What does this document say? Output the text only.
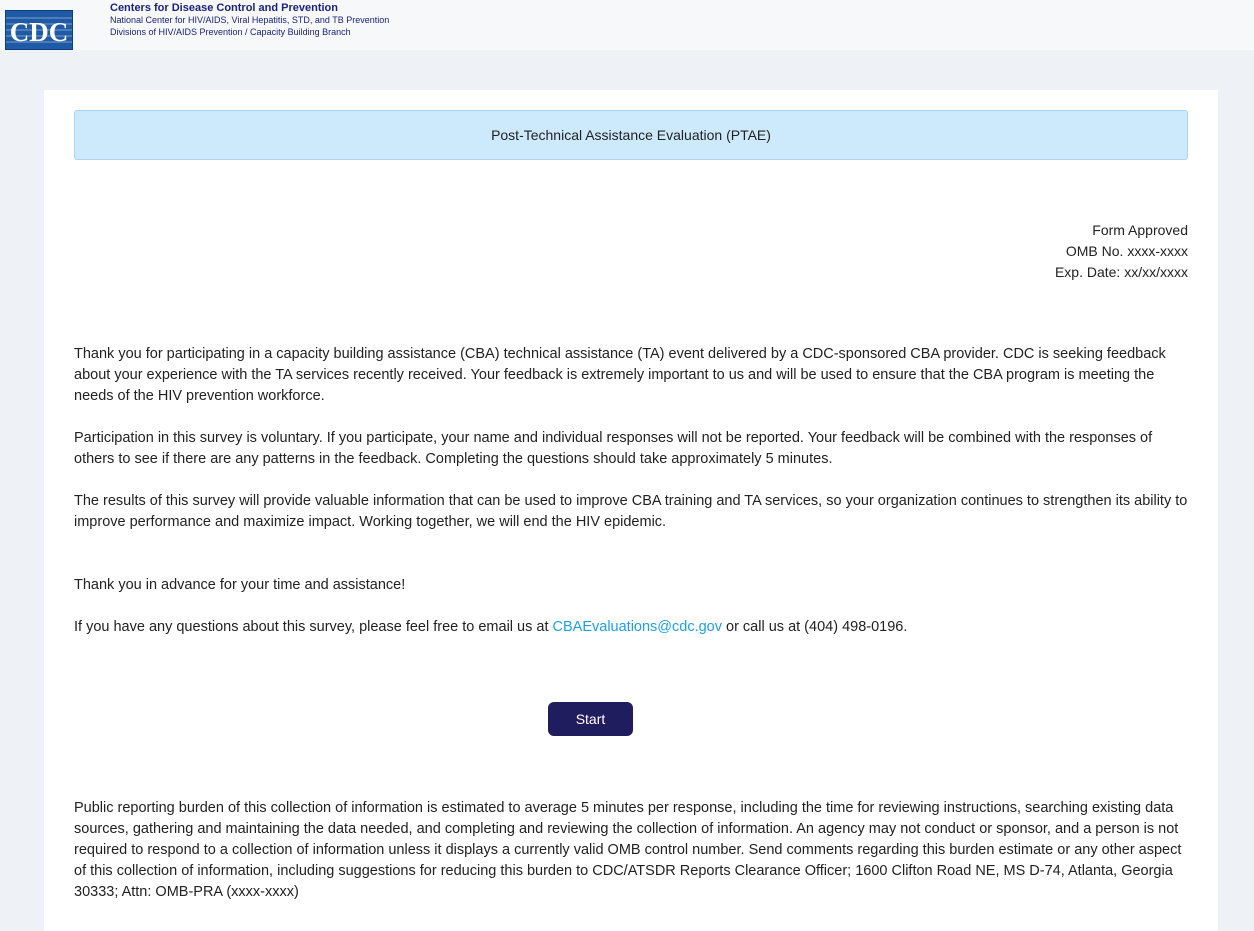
CDC
Centers for Disease Control and Prevention
National Center for HIV/AIDS, Viral Hepatitis, STD, and TB Prevention
Divisions of HIV/AIDS Prevention / Capacity Building Branch
Post-Technical Assistance Evaluation (PTAE)
Form Approved
OMB No. xxxx-xxxx
Exp. Date: xx/xx/xxxx

Thank you for participating in a capacity building assistance (CBA) technical assistance (TA) event delivered by a CDC-sponsored CBA provider. CDC is seeking feedback about your experience with the TA services recently received. Your feedback is extremely important to us and will be used to ensure that the CBA program is meeting the needs of the HIV prevention workforce.

Participation in this survey is voluntary. If you participate, your name and individual responses will not be reported. Your feedback will be combined with the responses of others to see if there are any patterns in the feedback. Completing the questions should take approximately 5 minutes.

The results of this survey will provide valuable information that can be used to improve CBA training and TA services, so your organization continues to strengthen its ability to improve performance and maximize impact. Working together, we will end the HIV epidemic.

Thank you in advance for your time and assistance!

If you have any questions about this survey, please feel free to email us at CBAEvaluations@cdc.gov or call us at (404) 498-0196.

Start

Public reporting burden of this collection of information is estimated to average 5 minutes per response, including the time for reviewing instructions, searching existing data sources, gathering and maintaining the data needed, and completing and reviewing the collection of information. An agency may not conduct or sponsor, and a person is not required to respond to a collection of information unless it displays a currently valid OMB control number. Send comments regarding this burden estimate or any other aspect of this collection of information, including suggestions for reducing this burden to CDC/ATSDR Reports Clearance Officer; 1600 Clifton Road NE, MS D-74, Atlanta, Georgia 30333; Attn: OMB-PRA (xxxx-xxxx)
